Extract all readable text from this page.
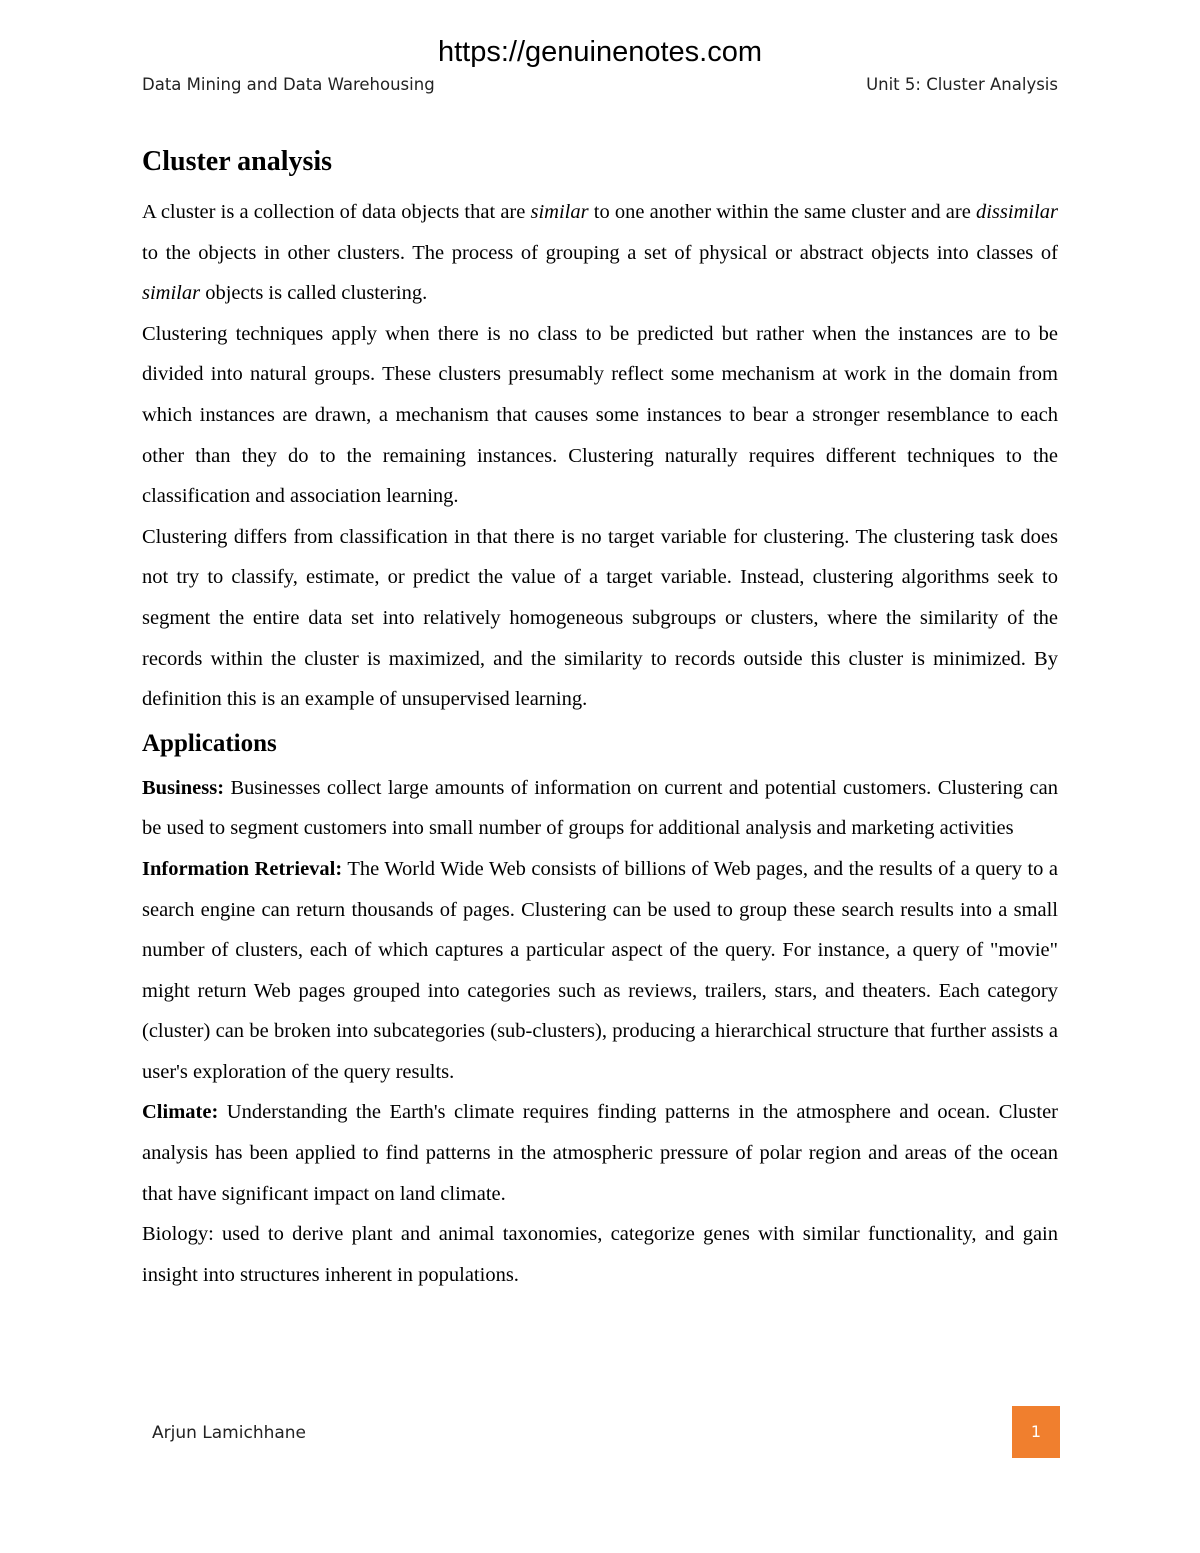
https://genuinenotes.com
Data Mining and Data Warehousing	Unit 5: Cluster Analysis
Cluster analysis

A cluster is a collection of data objects that are similar to one another within the same cluster and are dissimilar to the objects in other clusters. The process of grouping a set of physical or abstract objects into classes of similar objects is called clustering.

Clustering techniques apply when there is no class to be predicted but rather when the instances are to be divided into natural groups. These clusters presumably reflect some mechanism at work in the domain from which instances are drawn, a mechanism that causes some instances to bear a stronger resemblance to each other than they do to the remaining instances. Clustering naturally requires different techniques to the classification and association learning.

Clustering differs from classification in that there is no target variable for clustering. The clustering task does not try to classify, estimate, or predict the value of a target variable. Instead, clustering algorithms seek to segment the entire data set into relatively homogeneous subgroups or clusters, where the similarity of the records within the cluster is maximized, and the similarity to records outside this cluster is minimized. By definition this is an example of unsupervised learning.

Applications

Business: Businesses collect large amounts of information on current and potential customers. Clustering can be used to segment customers into small number of groups for additional analysis and marketing activities

Information Retrieval: The World Wide Web consists of billions of Web pages, and the results of a query to a search engine can return thousands of pages. Clustering can be used to group these search results into a small number of clusters, each of which captures a particular aspect of the query. For instance, a query of "movie" might return Web pages grouped into categories such as reviews, trailers, stars, and theaters. Each category (cluster) can be broken into subcategories (sub-clusters), producing a hierarchical structure that further assists a user's exploration of the query results.

Climate: Understanding the Earth's climate requires finding patterns in the atmosphere and ocean. Cluster analysis has been applied to find patterns in the atmospheric pressure of polar region and areas of the ocean that have significant impact on land climate.

Biology: used to derive plant and animal taxonomies, categorize genes with similar functionality, and gain insight into structures inherent in populations.

Arjun Lamichhane	1
